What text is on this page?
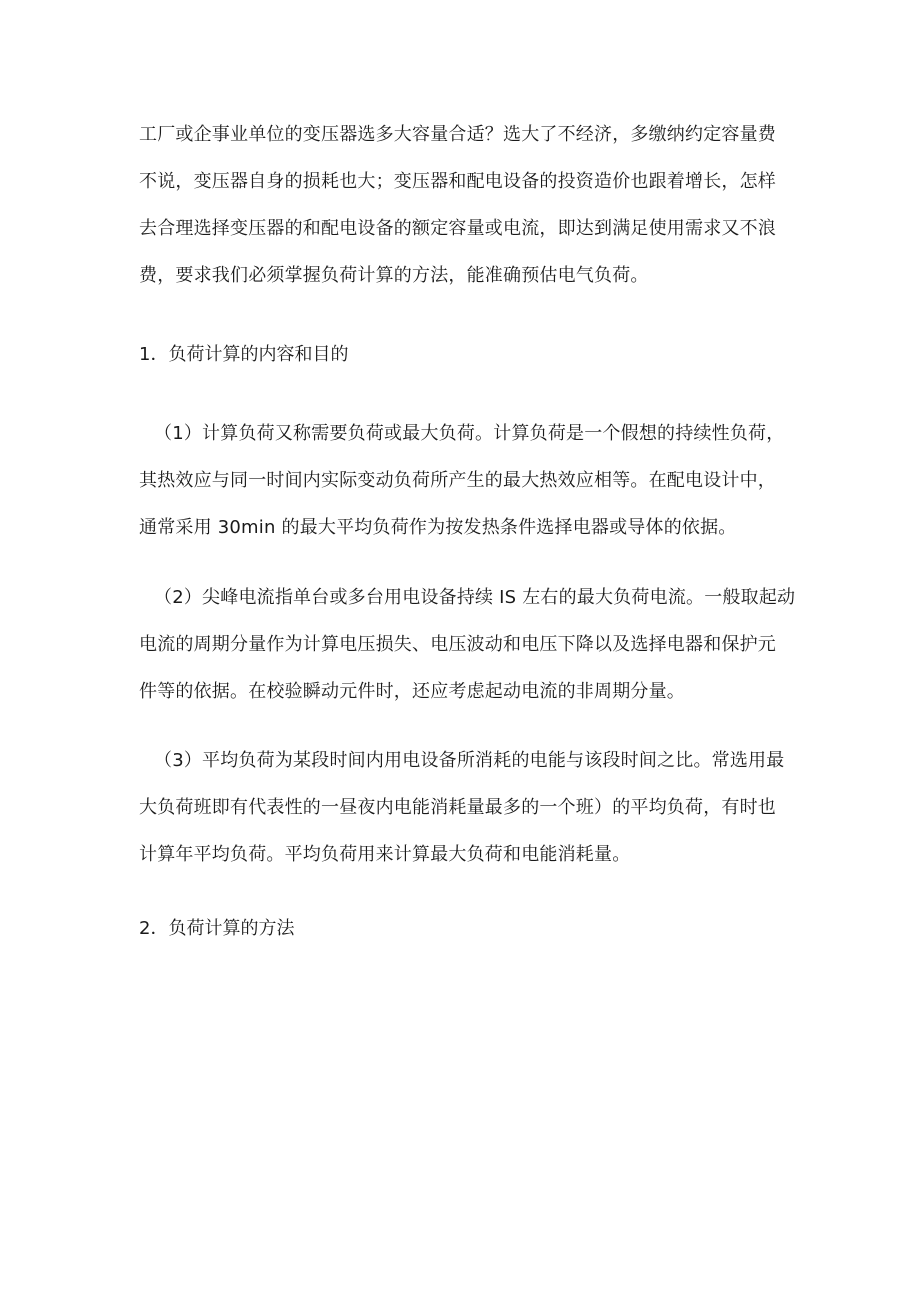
工厂或企事业单位的变压器选多大容量合适？选大了不经济，多缴纳约定容量费
不说，变压器自身的损耗也大；变压器和配电设备的投资造价也跟着增长，怎样
去合理选择变压器的和配电设备的额定容量或电流，即达到满足使用需求又不浪
费，要求我们必须掌握负荷计算的方法，能准确预估电气负荷。
1．负荷计算的内容和目的
（1）计算负荷又称需要负荷或最大负荷。计算负荷是一个假想的持续性负荷，
其热效应与同一时间内实际变动负荷所产生的最大热效应相等。在配电设计中，
通常采用 30min 的最大平均负荷作为按发热条件选择电器或导体的依据。
（2）尖峰电流指单台或多台用电设备持续 IS 左右的最大负荷电流。一般取起动
电流的周期分量作为计算电压损失、电压波动和电压下降以及选择电器和保护元
件等的依据。在校验瞬动元件时，还应考虑起动电流的非周期分量。
（3）平均负荷为某段时间内用电设备所消耗的电能与该段时间之比。常选用最
大负荷班即有代表性的一昼夜内电能消耗量最多的一个班）的平均负荷，有时也
计算年平均负荷。平均负荷用来计算最大负荷和电能消耗量。
2．负荷计算的方法
